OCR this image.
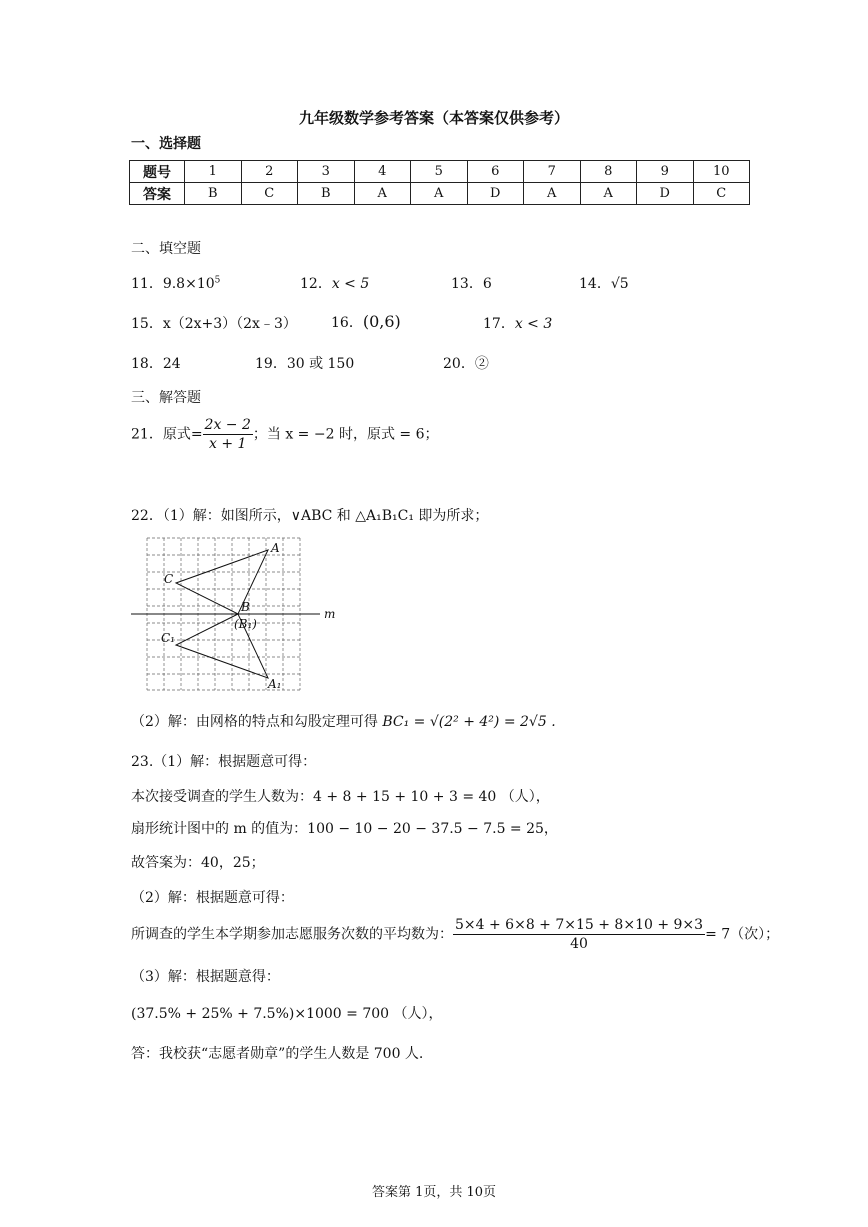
九年级数学参考答案（本答案仅供参考）
一、选择题
题号	1	2	3	4	5	6	7	8	9	10
答案	B	C	B	A	A	D	A	A	D	C
二、填空题
11．$9.8\times 10^5$	12．x < 5	13．6	14．√5
15．x（2x+3）（2x﹣3） 16．(0,6)	17．x < 3
18．24	19．30 或 150	20．②
三、解答题
21．原式= $\frac{2x - 2}{x + 1}$ ；当 x = −2 时，原式 = 6；
22．（1）解：如图所示，∨ABC 和 △A₁B₁C₁ 即为所求；
A
C
B
(B₁)
C₁
A₁
m
（2）解：由网格的特点和勾股定理可得 BC₁ = √(2² + 4²) = 2√5 .
23.（1）解：根据题意可得：
本次接受调查的学生人数为：4 + 8 + 15 + 10 + 3 = 40 （人），
扇形统计图中的 m 的值为：100 − 10 − 20 − 37.5 − 7.5 = 25，
故答案为：40，25；
（2）解：根据题意可得：
所调查的学生本学期参加志愿服务次数的平均数为： $\frac{5\times 4 + 6\times 8 + 7\times 15 + 8\times 10 + 9\times 3}{40} = 7$（次）；
（3）解：根据题意得：
(37.5% + 25% + 7.5%)×1000 = 700 （人），
答：我校获“志愿者勋章”的学生人数是 700 人.
答案第 1页，共 10页
